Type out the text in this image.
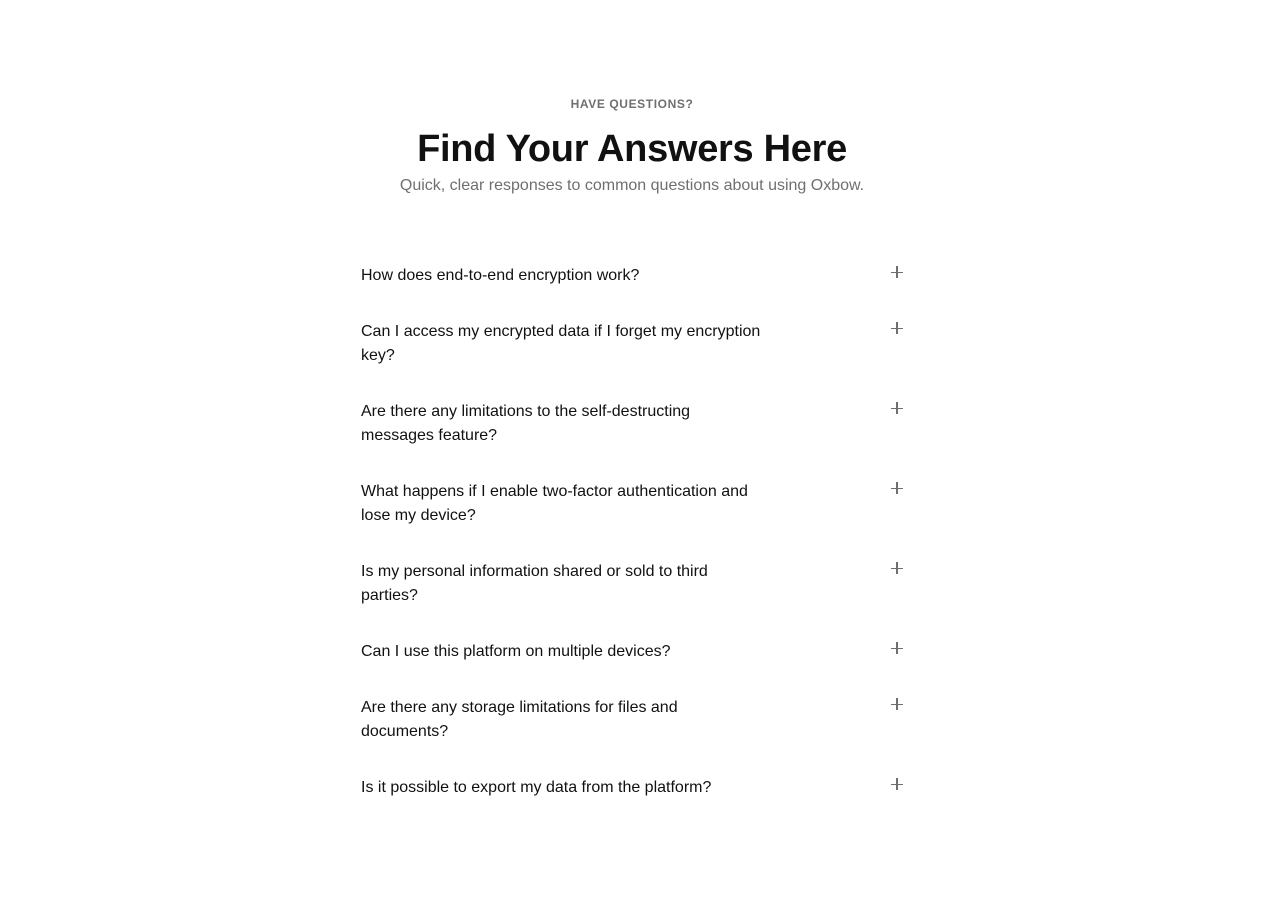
HAVE QUESTIONS?
Find Your Answers Here

Quick, clear responses to common questions about using Oxbow.

How does end-to-end encryption work?
Can I access my encrypted data if I forget my encryption key?
Are there any limitations to the self-destructing messages feature?
What happens if I enable two-factor authentication and lose my device?
Is my personal information shared or sold to third parties?
Can I use this platform on multiple devices?
Are there any storage limitations for files and documents?
Is it possible to export my data from the platform?
